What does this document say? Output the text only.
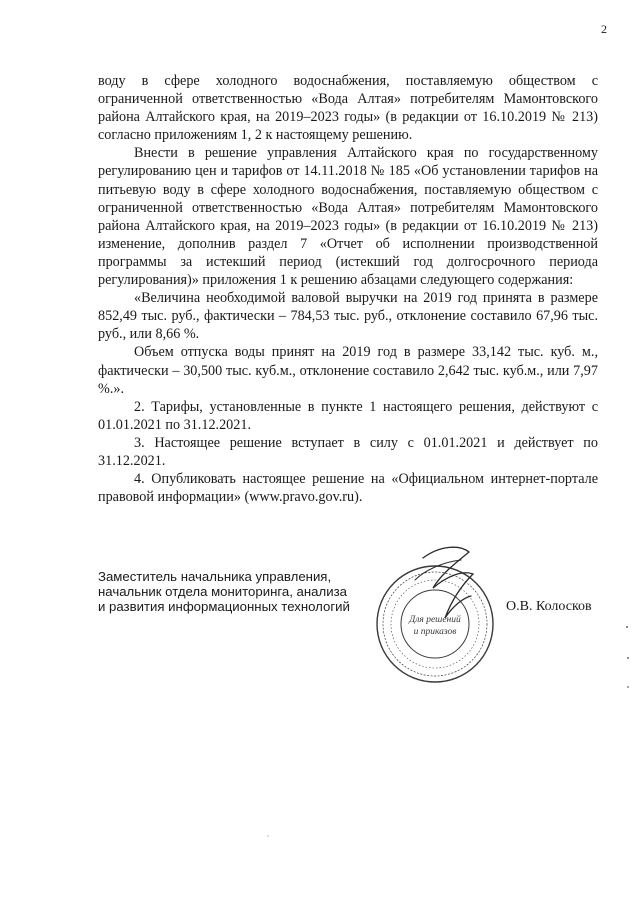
2

воду в сфере холодного водоснабжения, поставляемую обществом с ограниченной ответственностью «Вода Алтая» потребителям Мамонтовского района Алтайского края, на 2019–2023 годы» (в редакции от 16.10.2019 № 213) согласно приложениям 1, 2 к настоящему решению.

Внести в решение управления Алтайского края по государственному регулированию цен и тарифов от 14.11.2018 № 185 «Об установлении тарифов на питьевую воду в сфере холодного водоснабжения, поставляемую обществом с ограниченной ответственностью «Вода Алтая» потребителям Мамонтовского района Алтайского края, на 2019–2023 годы» (в редакции от 16.10.2019 № 213) изменение, дополнив раздел 7 «Отчет об исполнении производственной программы за истекший период (истекший год долгосрочного периода регулирования)» приложения 1 к решению абзацами следующего содержания:

«Величина необходимой валовой выручки на 2019 год принята в размере 852,49 тыс. руб., фактически – 784,53 тыс. руб., отклонение составило 67,96 тыс. руб., или 8,66 %.

Объем отпуска воды принят на 2019 год в размере 33,142 тыс. куб. м., фактически – 30,500 тыс. куб.м., отклонение составило 2,642 тыс. куб.м., или 7,97 %.».

2. Тарифы, установленные в пункте 1 настоящего решения, действуют с 01.01.2021 по 31.12.2021.

3. Настоящее решение вступает в силу с 01.01.2021 и действует по 31.12.2021.

4. Опубликовать настоящее решение на «Официальном интернет-портале правовой информации» (www.pravo.gov.ru).

Заместитель начальника управления,
начальник отдела мониторинга, анализа
и развития информационных технологий	О.В. Колосков
Для решений
и приказов
